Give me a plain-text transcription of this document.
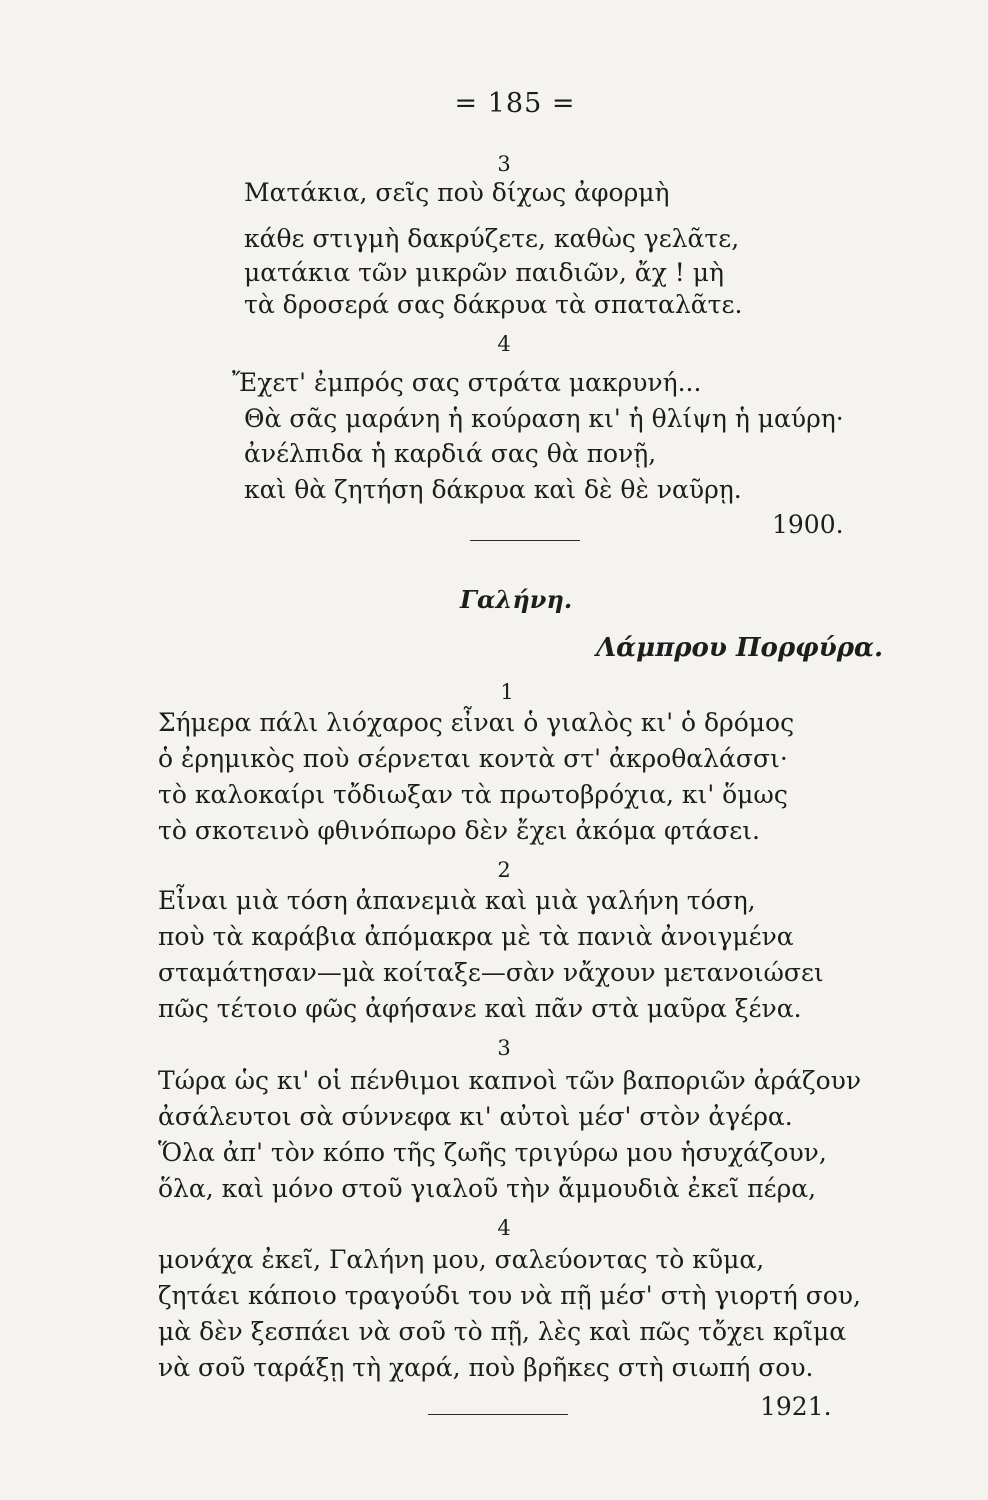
= 185 =
3
Ματάκια, σεῖς ποὺ δίχως ἀφορμὴ
κάθε στιγμὴ δακρύζετε, καθὼς γελᾶτε,
ματάκια τῶν μικρῶν παιδιῶν, ἄχ ! μὴ
τὰ δροσερά σας δάκρυα τὰ σπαταλᾶτε.
4
Ἔχετ' ἐμπρός σας στράτα μακρυνή...
Θὰ σᾶς μαράνη ἡ κούραση κι' ἡ θλίψη ἡ μαύρη·
ἀνέλπιδα ἡ καρδιά σας θὰ πονῇ,
καὶ θὰ ζητήση δάκρυα καὶ δὲ θὲ ναῦρῃ.
1900.
Γαλήνη.
Λάμπρου Πορφύρα.
1
Σήμερα πάλι λιόχαρος εἶναι ὁ γιαλὸς κι' ὁ δρόμος
ὁ ἐρημικὸς ποὺ σέρνεται κοντὰ στ' ἀκροθαλάσσι·
τὸ καλοκαίρι τὄδιωξαν τὰ πρωτοβρόχια, κι' ὅμως
τὸ σκοτεινὸ φθινόπωρο δὲν ἔχει ἀκόμα φτάσει.
2
Εἶναι μιὰ τόση ἀπανεμιὰ καὶ μιὰ γαλήνη τόση,
ποὺ τὰ καράβια ἀπόμακρα μὲ τὰ πανιὰ ἀνοιγμένα
σταμάτησαν—μὰ κοίταξε—σὰν νἄχουν μετανοιώσει
πῶς τέτοιο φῶς ἀφήσανε καὶ πᾶν στὰ μαῦρα ξένα.
3
Τώρα ὡς κι' οἱ πένθιμοι καπνοὶ τῶν βαποριῶν ἀράζουν
ἀσάλευτοι σὰ σύννεφα κι' αὐτοὶ μέσ' στὸν ἀγέρα.
Ὅλα ἀπ' τὸν κόπο τῆς ζωῆς τριγύρω μου ἡσυχάζουν,
ὅλα, καὶ μόνο στοῦ γιαλοῦ τὴν ἄμμουδιὰ ἐκεῖ πέρα,
4
μονάχα ἐκεῖ, Γαλήνη μου, σαλεύοντας τὸ κῦμα,
ζητάει κάποιο τραγούδι του νὰ πῇ μέσ' στὴ γιορτή σου,
μὰ δὲν ξεσπάει νὰ σοῦ τὸ πῇ, λὲς καὶ πῶς τὄχει κρῖμα
νὰ σοῦ ταράξῃ τὴ χαρά, ποὺ βρῆκες στὴ σιωπή σου.
1921.
